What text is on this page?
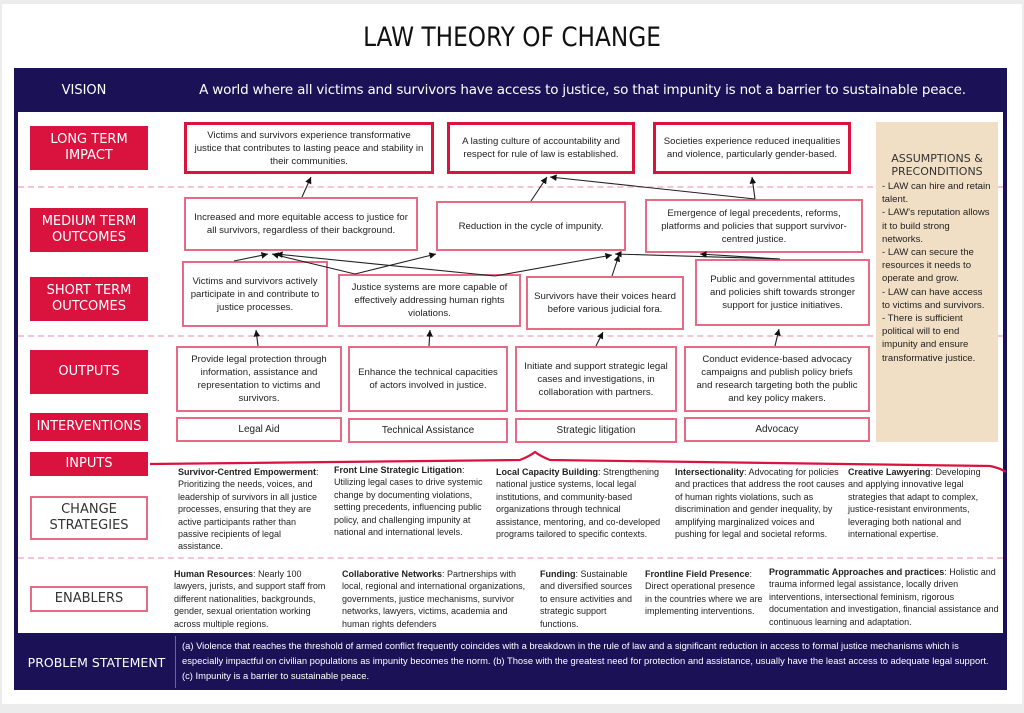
LAW THEORY OF CHANGE
VISION	A world where all victims and survivors have access to justice, so that impunity is not a barrier to sustainable peace.
LONG TERM IMPACT
MEDIUM TERM OUTCOMES
SHORT TERM OUTCOMES
OUTPUTS
INTERVENTIONS
INPUTS
CHANGE STRATEGIES
ENABLERS
Victims and survivors experience transformative justice that contributes to lasting peace and stability in their communities.
A lasting culture of accountability and respect for rule of law is established.
Societies experience reduced inequalities and violence, particularly gender-based.
Increased and more equitable access to justice for all survivors, regardless of their background.	Reduction in the cycle of impunity.
Emergence of legal precedents, reforms, platforms and policies that support survivor-centred justice.
Victims and survivors actively participate in and contribute to justice processes.
Justice systems are more capable of effectively addressing human rights violations.
Survivors have their voices heard before various judicial fora.
Public and governmental attitudes and policies shift towards stronger support for justice initiatives.
Provide legal protection through information, assistance and representation to victims and survivors.
Enhance the technical capacities of actors involved in justice.
Initiate and support strategic legal cases and investigations, in collaboration with partners.
Conduct evidence-based advocacy campaigns and publish policy briefs and research targeting both the public and key policy makers.
Legal Aid	Technical Assistance	Strategic litigation	Advocacy
ASSUMPTIONS & PRECONDITIONS
- LAW can hire and retain talent.
- LAW's reputation allows it to build strong networks.
- LAW can secure the resources it needs to operate and grow.
- LAW can have access to victims and survivors.
- There is sufficient political will to end impunity and ensure transformative justice.
Survivor-Centred Empowerment: Prioritizing the needs, voices, and leadership of survivors in all justice processes, ensuring that they are active participants rather than passive recipients of legal assistance.
Front Line Strategic Litigation: Utilizing legal cases to drive systemic change by documenting violations, setting precedents, influencing public policy, and challenging impunity at national and international levels.
Local Capacity Building: Strengthening national justice systems, local legal institutions, and community-based organizations through technical assistance, mentoring, and co-developed programs tailored to specific contexts.
Intersectionality: Advocating for policies and practices that address the root causes of human rights violations, such as discrimination and gender inequality, by amplifying marginalized voices and pushing for legal and societal reforms.
Creative Lawyering: Developing and applying innovative legal strategies that adapt to complex, justice-resistant environments, leveraging both national and international expertise.
Human Resources: Nearly 100 lawyers, jurists, and support staff from different nationalities, backgrounds, gender, sexual orientation working across multiple regions.
Collaborative Networks: Partnerships with local, regional and international organizations, governments, justice mechanisms, survivor networks, lawyers, victims, academia and human rights defenders
Funding: Sustainable and diversified sources to ensure activities and strategic support functions.
Frontline Field Presence: Direct operational presence in the countries where we are implementing interventions.
Programmatic Approaches and practices: Holistic and trauma informed legal assistance, locally driven interventions, intersectional feminism, rigorous documentation and investigation, financial assistance and continuous learning and adaptation.
PROBLEM STATEMENT
(a) Violence that reaches the threshold of armed conflict frequently coincides with a breakdown in the rule of law and a significant reduction in access to formal justice mechanisms which is especially impactful on civilian populations as impunity becomes the norm. (b) Those with the greatest need for protection and assistance, usually have the least access to adequate legal support. (c) Impunity is a barrier to sustainable peace.
